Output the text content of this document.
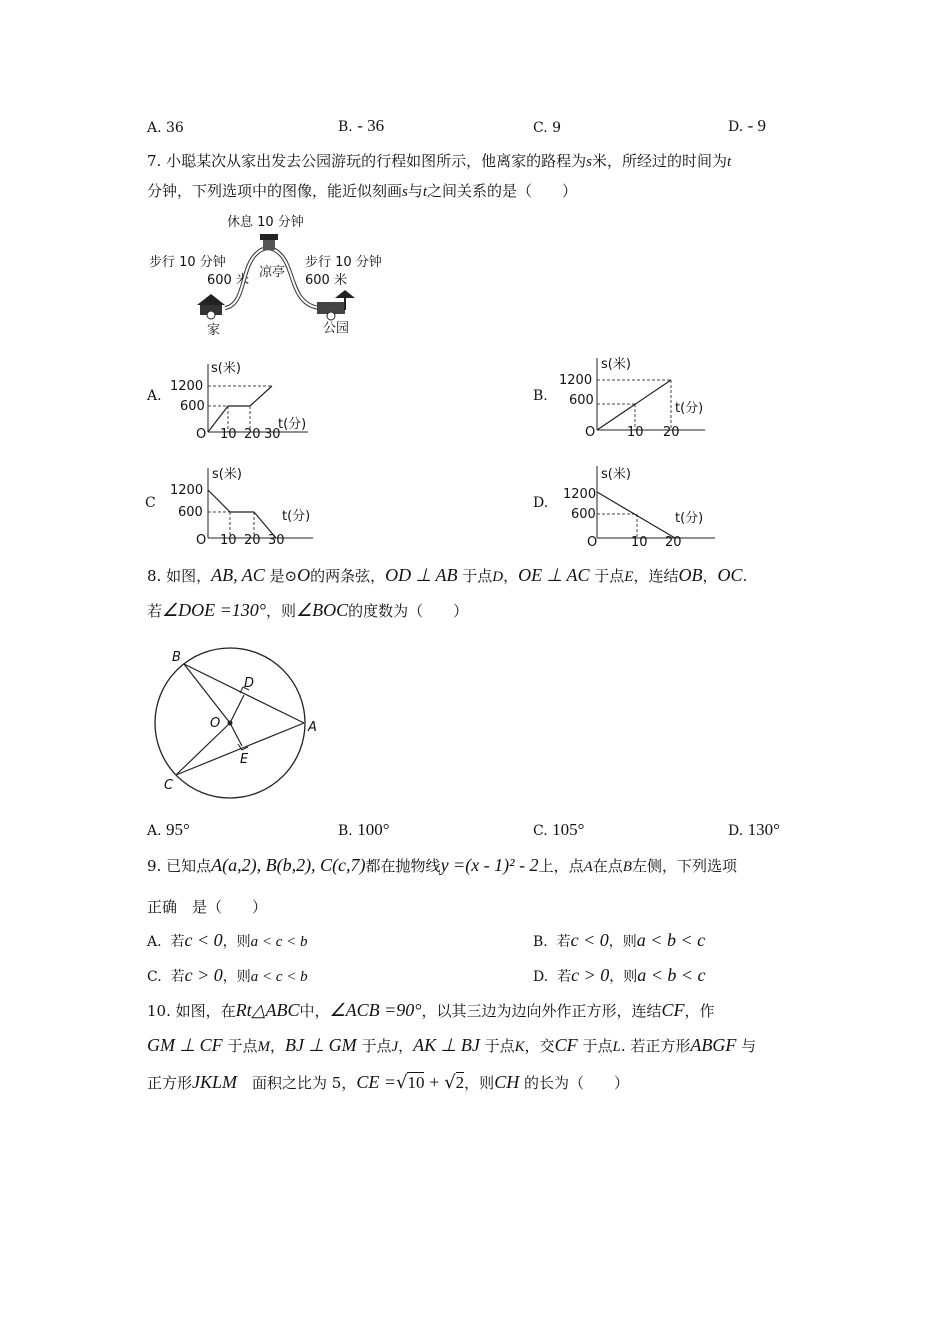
A. 36	B. - 36	C. 9	D. - 9
7. 小聪某次从家出发去公园游玩的行程如图所示，他离家的路程为s米，所经过的时间为t
分钟，下列选项中的图像，能近似刻画s与t之间关系的是（　　）
休息 10 分钟
步行 10 分钟
600 米
凉亭
步行 10 分钟
600 米
家	公园
A.
s(米)
t(分)
1200
600
O 10 20 30
B.
s(米)
t(分)
1200
600
O 10 20
C
s(米)
t(分)
1200
600
O 10 20 30
D.
s(米)
t(分)
1200
600
O	10 20
8. 如图，AB, AC 是⊙O的两条弦，OD ⊥ AB 于点D，OE ⊥ AC 于点E，连结OB，OC.
若∠DOE =130°，则∠BOC的度数为（　　）
B
D
O	A
E
C
A. 95°	B. 100°	C. 105°	D. 130°
9. 已知点A(a,2), B(b,2), C(c,7)都在抛物线y =(x - 1)² - 2上，点A在点B左侧，下列选项
正确　是（　　）
A. 若c < 0，则a < c < b	B. 若c < 0，则a < b < c
C. 若c > 0，则a < c < b	D. 若c > 0，则a < b < c
10. 如图，在Rt△ABC中，∠ACB =90°，以其三边为边向外作正方形，连结CF，作
GM ⊥ CF 于点M，BJ ⊥ GM 于点J，AK ⊥ BJ 于点K，交CF 于点L. 若正方形ABGF 与
正方形JKLM　面积之比为 5，CE =√10 + √2，则CH 的长为（　　）
